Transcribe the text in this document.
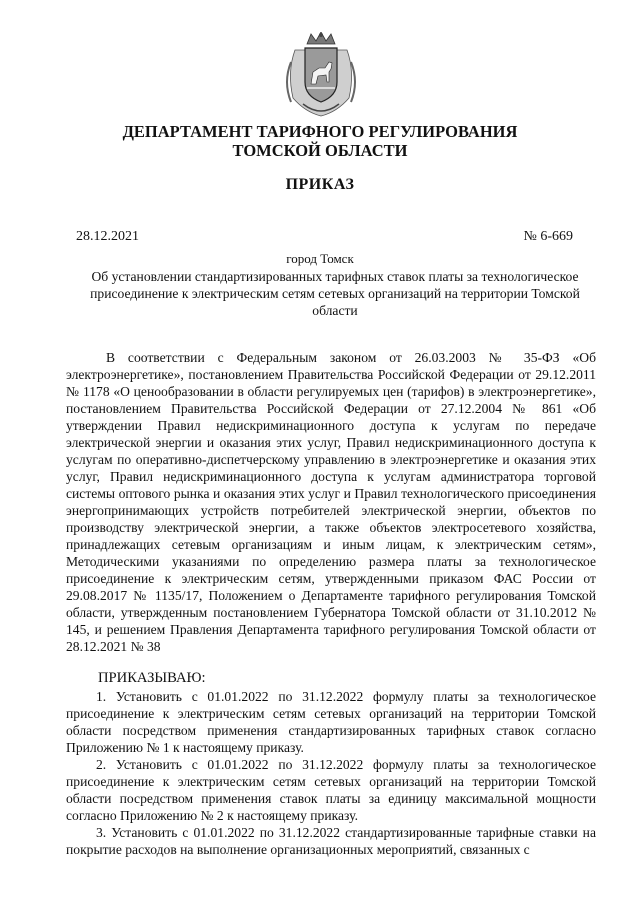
ДЕПАРТАМЕНТ ТАРИФНОГО РЕГУЛИРОВАНИЯ
ТОМСКОЙ ОБЛАСТИ
ПРИКАЗ
28.12.2021	№ 6-669
город Томск
Об установлении стандартизированных тарифных ставок платы за технологическое присоединение к электрическим сетям сетевых организаций на территории Томской области

В соответствии с Федеральным законом от 26.03.2003 № 35-ФЗ «Об электроэнергетике», постановлением Правительства Российской Федерации от 29.12.2011 № 1178 «О ценообразовании в области регулируемых цен (тарифов) в электроэнергетике», постановлением Правительства Российской Федерации от 27.12.2004 № 861 «Об утверждении Правил недискриминационного доступа к услугам по передаче электрической энергии и оказания этих услуг, Правил недискриминационного доступа к услугам по оперативно-диспетчерскому управлению в электроэнергетике и оказания этих услуг, Правил недискриминационного доступа к услугам администратора торговой системы оптового рынка и оказания этих услуг и Правил технологического присоединения энергопринимающих устройств потребителей электрической энергии, объектов по производству электрической энергии, а также объектов электросетевого хозяйства, принадлежащих сетевым организациям и иным лицам, к электрическим сетям», Методическими указаниями по определению размера платы за технологическое присоединение к электрическим сетям, утвержденными приказом ФАС России от 29.08.2017 № 1135/17, Положением о Департаменте тарифного регулирования Томской области, утвержденным постановлением Губернатора Томской области от 31.10.2012 № 145, и решением Правления Департамента тарифного регулирования Томской области от 28.12.2021 № 38

ПРИКАЗЫВАЮ:

1. Установить с 01.01.2022 по 31.12.2022 формулу платы за технологическое присоединение к электрическим сетям сетевых организаций на территории Томской области посредством применения стандартизированных тарифных ставок согласно Приложению № 1 к настоящему приказу.

2. Установить с 01.01.2022 по 31.12.2022 формулу платы за технологическое присоединение к электрическим сетям сетевых организаций на территории Томской области посредством применения ставок платы за единицу максимальной мощности согласно Приложению № 2 к настоящему приказу.

3. Установить с 01.01.2022 по 31.12.2022 стандартизированные тарифные ставки на покрытие расходов на выполнение организационных мероприятий, связанных с
